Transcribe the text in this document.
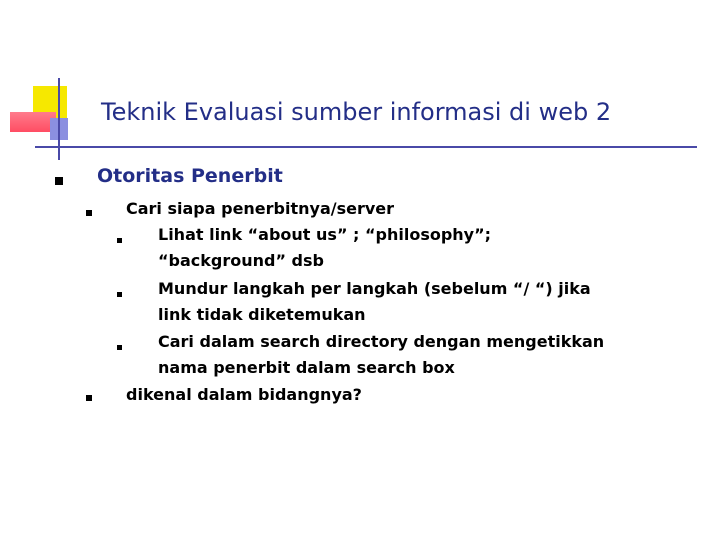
Teknik Evaluasi sumber informasi di web 2

Otoritas Penerbit

Cari siapa penerbitnya/server

Lihat link “about us” ; “philosophy”;

“background” dsb

Mundur langkah per langkah (sebelum “/ “) jika

link tidak diketemukan

Cari dalam search directory dengan mengetikkan

nama penerbit dalam search box

dikenal dalam bidangnya?
